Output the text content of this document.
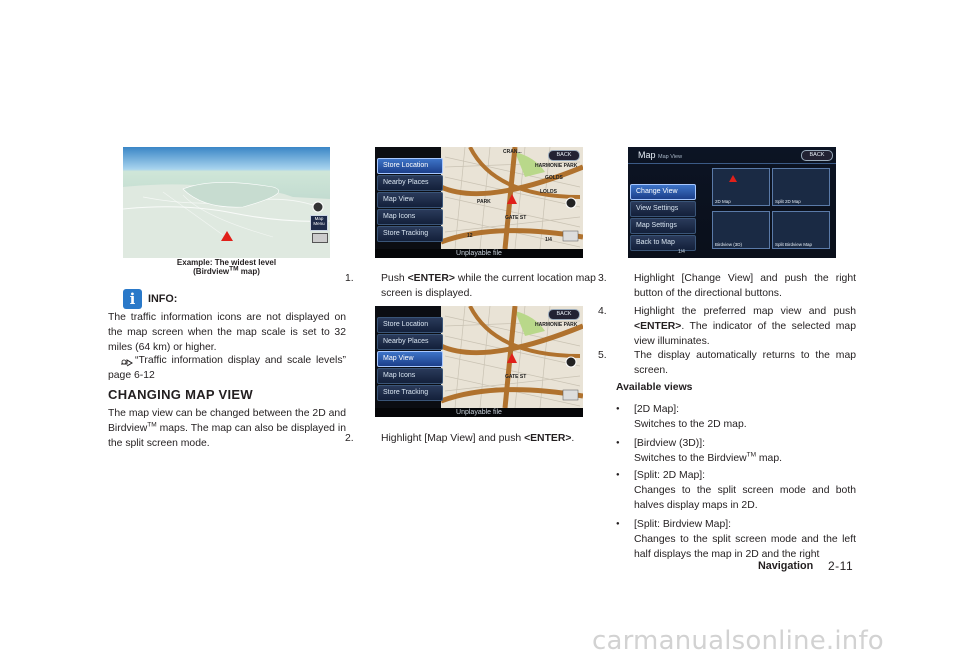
Map Menu
Example: The widest level
(Birdview™ map)
i	INFO:
The traffic information icons are not displayed on the map screen when the map scale is set to 32 miles (64 km) or higher.
“Traffic information display and scale levels” page 6-12
CHANGING MAP VIEW
The map view can be changed between the 2D and Birdview™ maps. The map can also be displayed in the split screen mode.
HARMONIE PARK
CRAN...
GOLDS
LOLDS
GATE ST
PARK
12
1/4
BACK
Store Location
Nearby Places
Map View
Map Icons
Store Tracking
Unplayable file
1.	Push <ENTER> while the current location map screen is displayed.
HARMONIE PARK
GATE ST
BACK
Store Location
Nearby Places
Map View
Map Icons
Store Tracking
Unplayable file
2.	Highlight [Map View] and push <ENTER>.
Map Map View	BACK
Change View
View Settings
Map Settings
Back to Map
1/4
2D Map	Split 2D Map
Birdview (3D)	Split Birdview Map
3.	Highlight [Change View] and push the right button of the directional buttons.
4.	Highlight the preferred map view and push <ENTER>. The indicator of the selected map view illuminates.
5.	The display automatically returns to the map screen.
Available views
●	[2D Map]:
Switches to the 2D map.
●	[Birdview (3D)]:
Switches to the Birdview™ map.
●	[Split: 2D Map]:
Changes to the split screen mode and both halves display maps in 2D.
●	[Split: Birdview Map]:
Changes to the split screen mode and the left half displays the map in 2D and the right
Navigation 2-11
carmanualsonline.info
